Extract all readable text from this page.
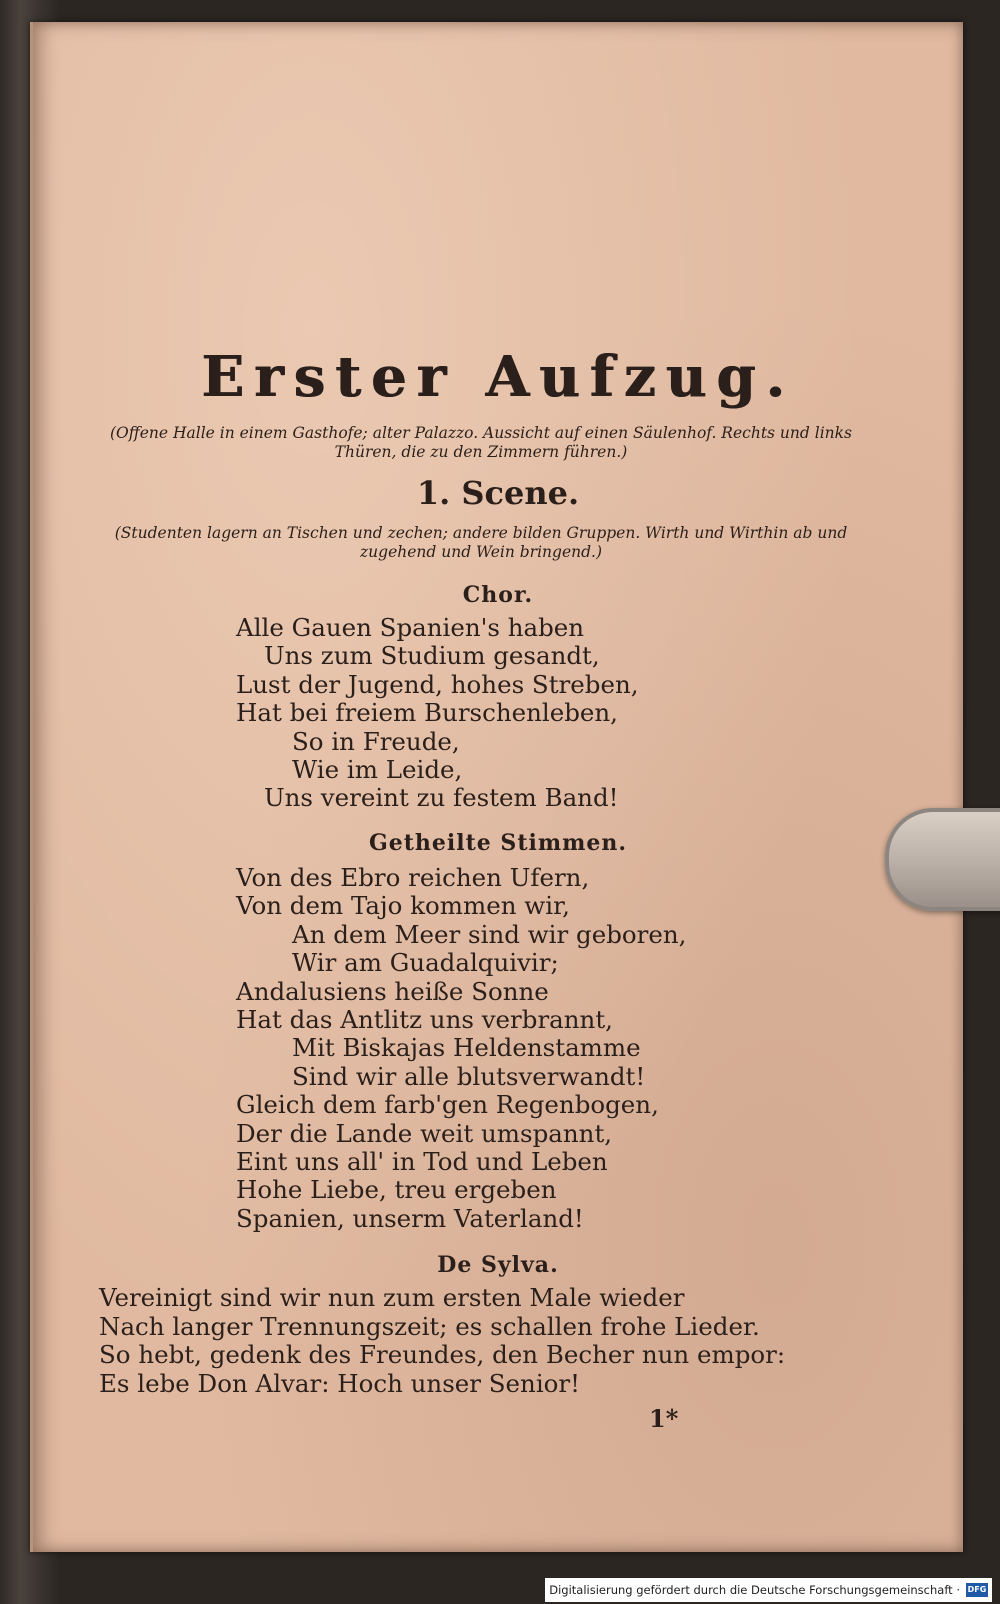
Erster Aufzug.
(Offene Halle in einem Gasthofe; alter Palazzo. Aussicht auf einen Säulenhof. Rechts und links Thüren, die zu den Zimmern führen.)
1. Scene.
(Studenten lagern an Tischen und zechen; andere bilden Gruppen. Wirth und Wirthin ab und zugehend und Wein bringend.)
Chor.
Alle Gauen Spanien's haben
Uns zum Studium gesandt,
Lust der Jugend, hohes Streben,
Hat bei freiem Burschenleben,
So in Freude,
Wie im Leide,
Uns vereint zu festem Band!
Getheilte Stimmen.
Von des Ebro reichen Ufern,
Von dem Tajo kommen wir,
An dem Meer sind wir geboren,
Wir am Guadalquivir;
Andalusiens heiße Sonne
Hat das Antlitz uns verbrannt,
Mit Biskajas Heldenstamme
Sind wir alle blutsverwandt!
Gleich dem farb'gen Regenbogen,
Der die Lande weit umspannt,
Eint uns all' in Tod und Leben
Hohe Liebe, treu ergeben
Spanien, unserm Vaterland!
De Sylva.
Vereinigt sind wir nun zum ersten Male wieder
Nach langer Trennungszeit; es schallen frohe Lieder.
So hebt, gedenk des Freundes, den Becher nun empor:
Es lebe Don Alvar: Hoch unser Senior!
1*
Digitalisierung gefördert durch die Deutsche Forschungsgemeinschaft · DFG
